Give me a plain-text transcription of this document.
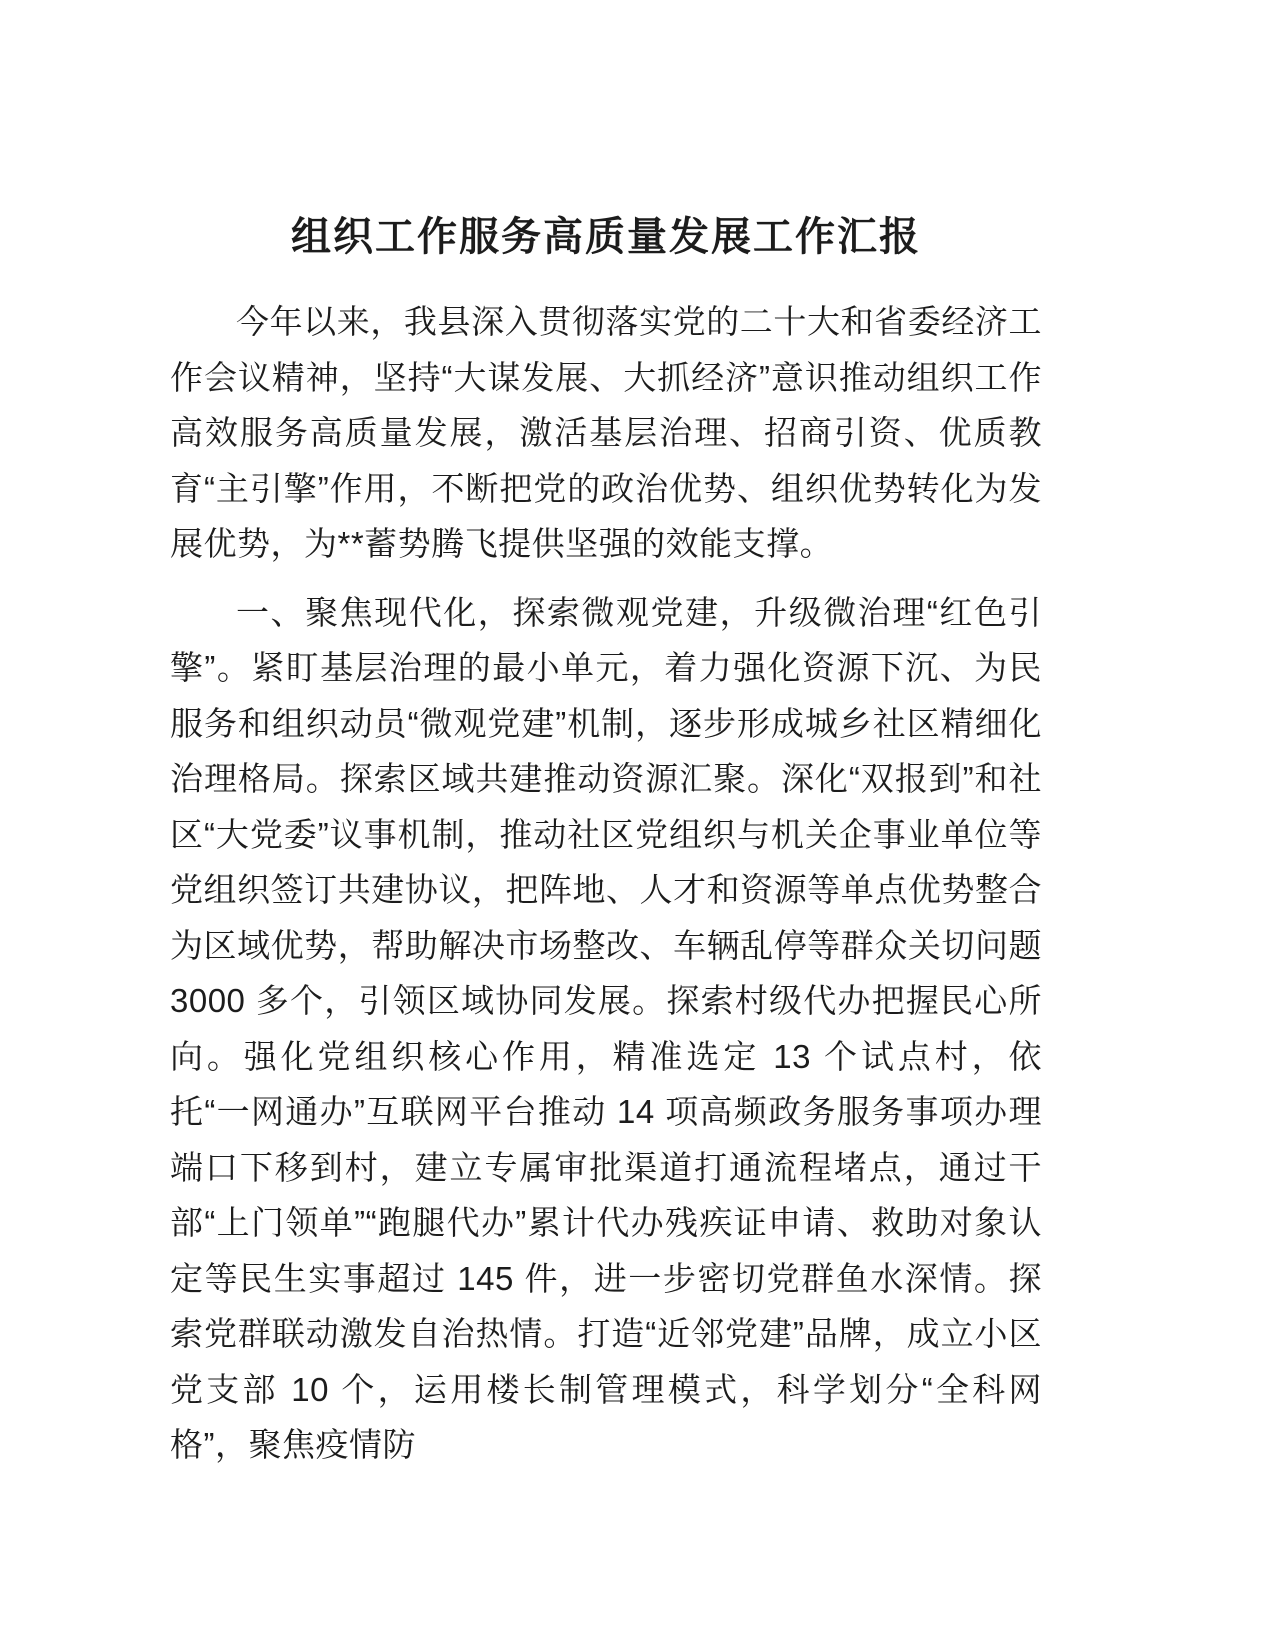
组织工作服务高质量发展工作汇报

今年以来，我县深入贯彻落实党的二十大和省委经济工作会议精神，坚持“大谋发展、大抓经济”意识推动组织工作高效服务高质量发展，激活基层治理、招商引资、优质教育“主引擎”作用，不断把党的政治优势、组织优势转化为发展优势，为**蓄势腾飞提供坚强的效能支撑。

一、聚焦现代化，探索微观党建，升级微治理“红色引擎”。紧盯基层治理的最小单元，着力强化资源下沉、为民服务和组织动员“微观党建”机制，逐步形成城乡社区精细化治理格局。探索区域共建推动资源汇聚。深化“双报到”和社区“大党委”议事机制，推动社区党组织与机关企事业单位等党组织签订共建协议，把阵地、人才和资源等单点优势整合为区域优势，帮助解决市场整改、车辆乱停等群众关切问题 3000 多个，引领区域协同发展。探索村级代办把握民心所向。强化党组织核心作用，精准选定 13 个试点村，依托“一网通办”互联网平台推动 14 项高频政务服务事项办理端口下移到村，建立专属审批渠道打通流程堵点，通过干部“上门领单”“跑腿代办”累计代办残疾证申请、救助对象认定等民生实事超过 145 件，进一步密切党群鱼水深情。探索党群联动激发自治热情。打造“近邻党建”品牌，成立小区党支部 10 个，运用楼长制管理模式，科学划分“全科网格”，聚焦疫情防
